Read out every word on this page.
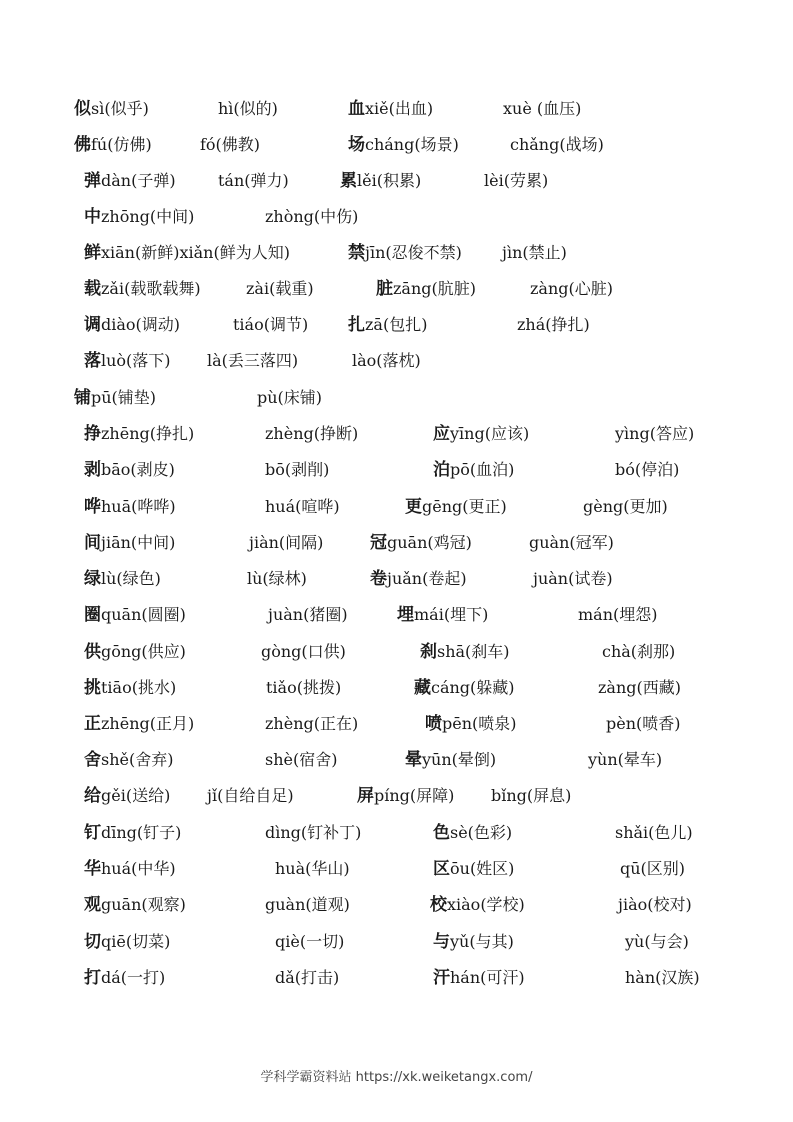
似sì(似乎)	hì(似的)	血xiě(出血)	xuè (血压)
佛fú(仿佛)	fó(佛教)	场cháng(场景)	chǎng(战场)
弹dàn(子弹)	tán(弹力)	累lěi(积累)	lèi(劳累)
中zhōng(中间)	zhòng(中伤)
鲜xiān(新鲜)xiǎn(鲜为人知)	禁jīn(忍俊不禁)	jìn(禁止)
载zǎi(载歌载舞)	zài(载重)	脏zāng(肮脏)	zàng(心脏)
调diào(调动)	tiáo(调节) 扎zā(包扎)	zhá(挣扎)
落luò(落下) là(丢三落四)	lào(落枕)
铺pū(铺垫)	pù(床铺)
挣zhēng(挣扎)	zhèng(挣断)	应yīng(应该)	yìng(答应)
剥bāo(剥皮)	bō(剥削)	泊pō(血泊)	bó(停泊)
哗huā(哗哗)	huá(喧哗)	更gēng(更正)	gèng(更加)
间jiān(中间)	jiàn(间隔)	冠guān(鸡冠)	guàn(冠军)
绿lù(绿色)	lù(绿林)	卷juǎn(卷起)	juàn(试卷)
圈quān(圆圈)	juàn(猪圈)	埋mái(埋下)	mán(埋怨)
供gōng(供应)	gòng(口供)	刹shā(刹车)	chà(刹那)
挑tiāo(挑水)	tiǎo(挑拨)	藏cáng(躲藏)	zàng(西藏)
正zhēng(正月)	zhèng(正在)	喷pēn(喷泉)	pèn(喷香)
舍shě(舍弃)	shè(宿舍)	晕yūn(晕倒)	yùn(晕车)
给gěi(送给) jǐ(自给自足)	屏píng(屏障) bǐng(屏息)
钉dīng(钉子)	dìng(钉补丁)	色sè(色彩)	shǎi(色儿)
华huá(中华)	huà(华山)	区ōu(姓区)	qū(区别)
观guān(观察)	guàn(道观)	校xiào(学校)	jiào(校对)
切qiē(切菜)	qiè(一切)	与yǔ(与其)	yù(与会)
打dá(一打)	dǎ(打击)	汗hán(可汗)	hàn(汉族)
学科学霸资料站 https://xk.weiketangx.com/
